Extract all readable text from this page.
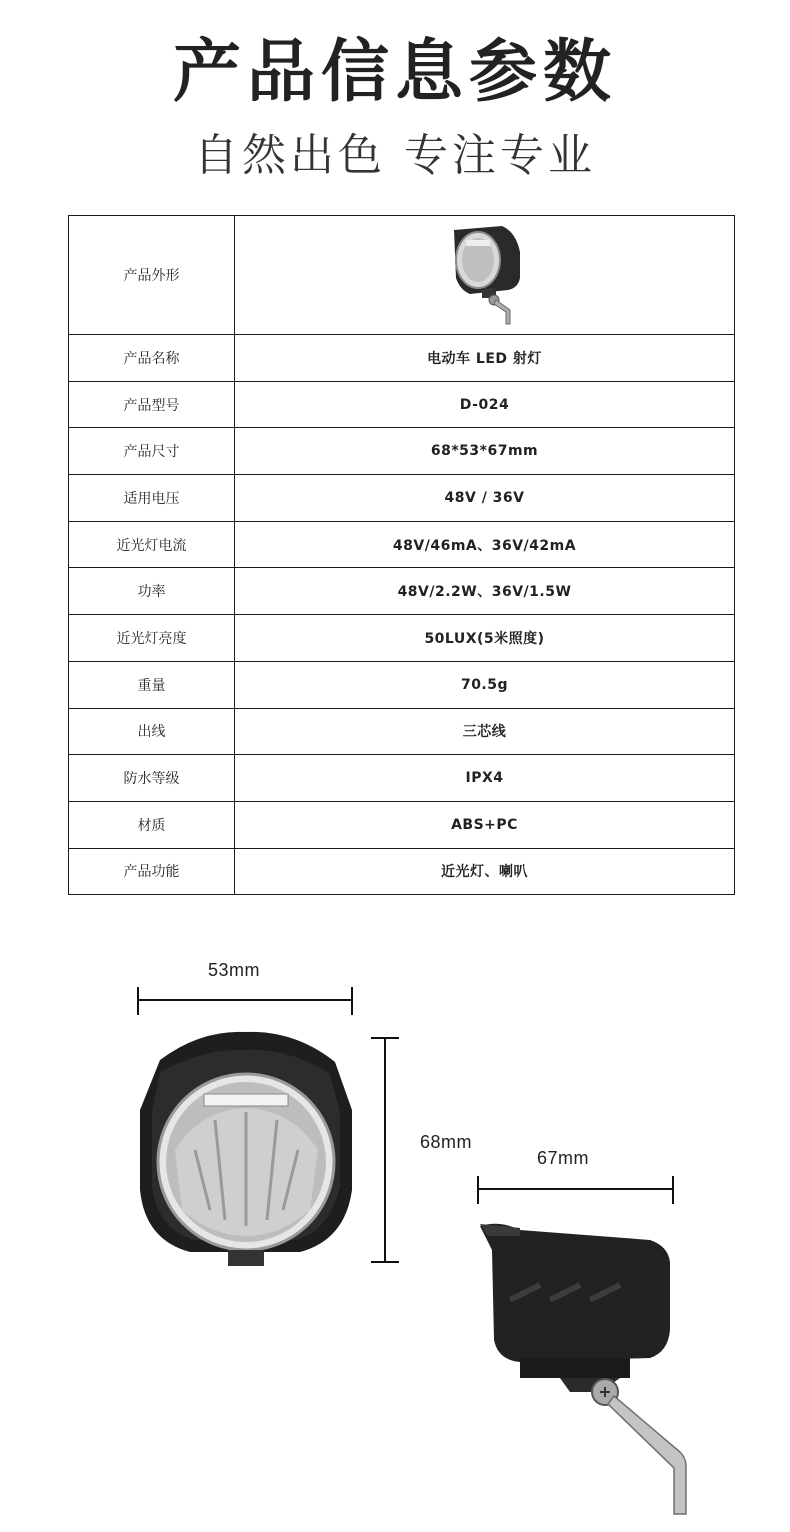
产品信息参数
自然出色 专注专业
产品外形	
产品名称	电动车 LED 射灯
产品型号	D-024
产品尺寸	68*53*67mm
适用电压	48V / 36V
近光灯电流	48V/46mA、36V/42mA
功率	48V/2.2W、36V/1.5W
近光灯亮度	50LUX(5米照度)
重量	70.5g
出线	三芯线
防水等级	IPX4
材质	ABS+PC
产品功能	近光灯、喇叭
53mm
68mm
67mm
